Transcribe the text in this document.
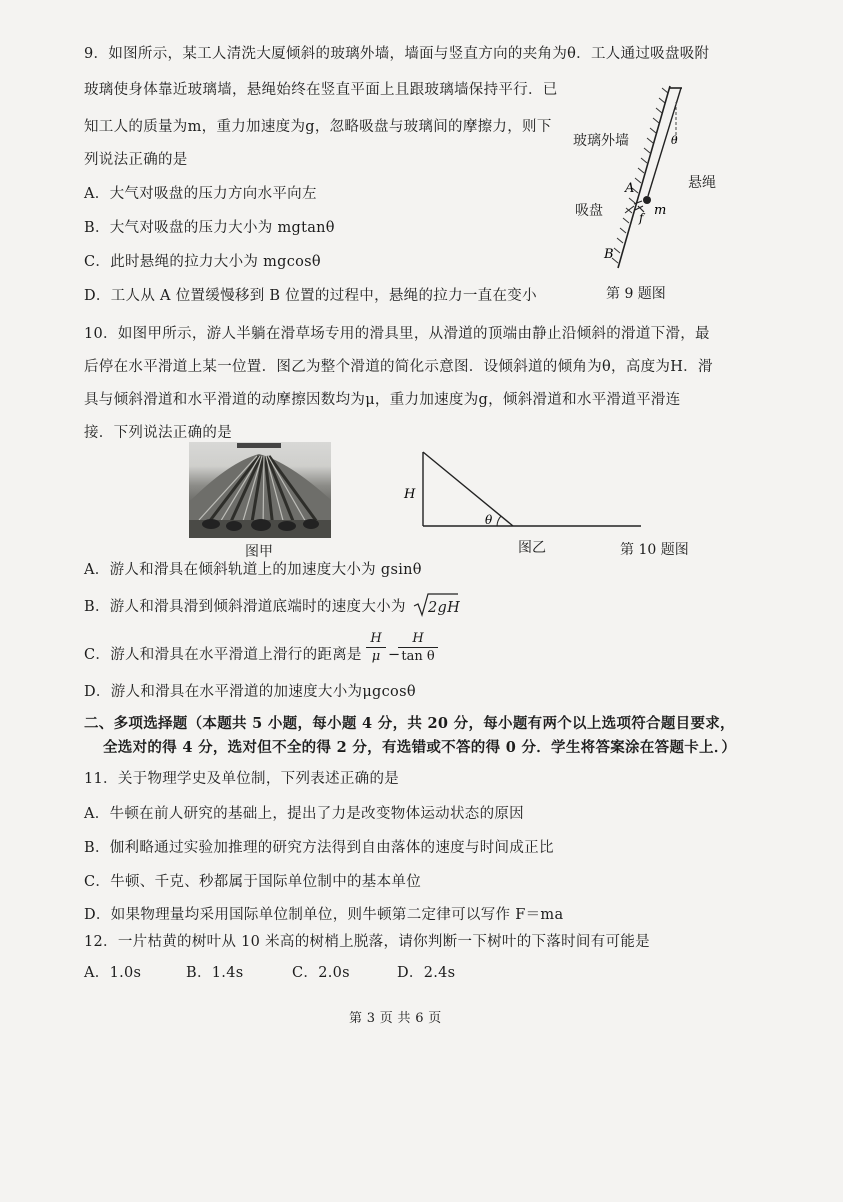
9．如图所示，某工人清洗大厦倾斜的玻璃外墙，墙面与竖直方向的夹角为θ．工人通过吸盘吸附
玻璃使身体靠近玻璃墙，悬绳始终在竖直平面上且跟玻璃墙保持平行．已
知工人的质量为m，重力加速度为g，忽略吸盘与玻璃间的摩擦力，则下
列说法正确的是
A．大气对吸盘的压力方向水平向左
B．大气对吸盘的压力大小为 mgtanθ
C．此时悬绳的拉力大小为 mgcosθ
D．工人从 A 位置缓慢移到 B 位置的过程中，悬绳的拉力一直在变小
θ
A
f m
B
玻璃外墙
悬绳
吸盘
第 9 题图
10．如图甲所示，游人半躺在滑草场专用的滑具里，从滑道的顶端由静止沿倾斜的滑道下滑，最
后停在水平滑道上某一位置．图乙为整个滑道的简化示意图．设倾斜道的倾角为θ，高度为H．滑
具与倾斜滑道和水平滑道的动摩擦因数均为μ，重力加速度为g，倾斜滑道和水平滑道平滑连
接．下列说法正确的是
图甲
H
θ
图乙	第 10 题图
A．游人和滑具在倾斜轨道上的加速度大小为 gsinθ
B．游人和滑具滑到倾斜滑道底端时的速度大小为 2gH
C．游人和滑具在水平滑道上滑行的距离是
H
μ −
H
tan θ
D．游人和滑具在水平滑道的加速度大小为μgcosθ
二、多项选择题（本题共 5 小题，每小题 4 分，共 20 分，每小题有两个以上选项符合题目要求，
全选对的得 4 分，选对但不全的得 2 分，有选错或不答的得 0 分．学生将答案涂在答题卡上．）
11．关于物理学史及单位制，下列表述正确的是
A．牛顿在前人研究的基础上，提出了力是改变物体运动状态的原因
B．伽利略通过实验加推理的研究方法得到自由落体的速度与时间成正比
C．牛顿、千克、秒都属于国际单位制中的基本单位
D．如果物理量均采用国际单位制单位，则牛顿第二定律可以写作 F＝ma
12．一片枯黄的树叶从 10 米高的树梢上脱落，请你判断一下树叶的下落时间有可能是
A．1.0s	B．1.4s	C．2.0s	D．2.4s
第 3 页 共 6 页
